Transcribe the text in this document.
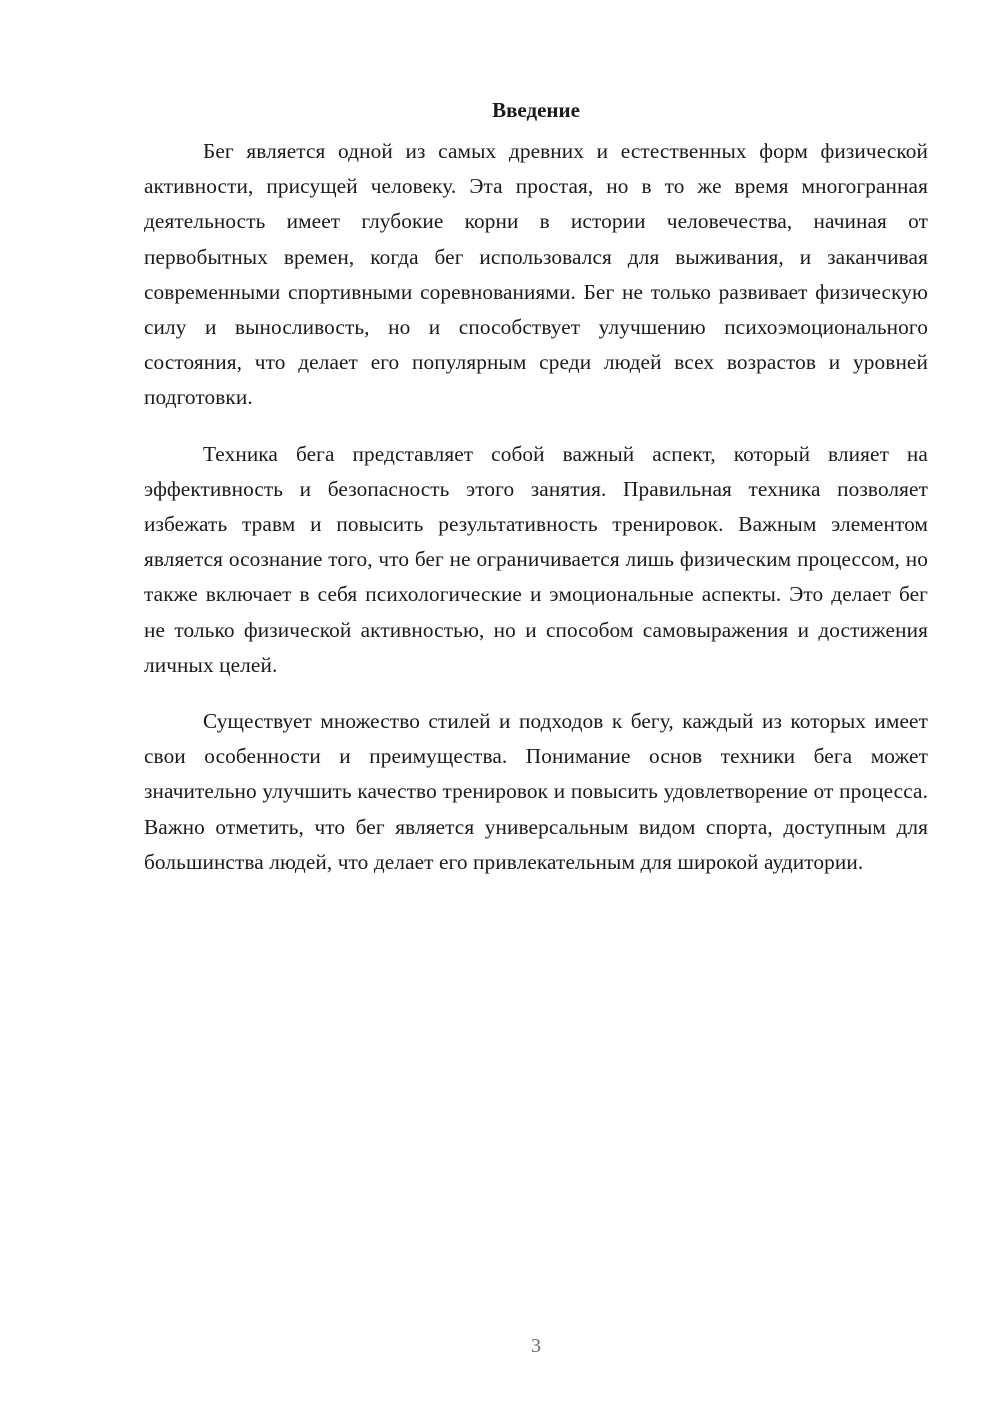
Введение

Бег является одной из самых древних и естественных форм физической активности, присущей человеку. Эта простая, но в то же время многогранная деятельность имеет глубокие корни в истории человечества, начиная от первобытных времен, когда бег использовался для выживания, и заканчивая современными спортивными соревнованиями. Бег не только развивает физическую силу и выносливость, но и способствует улучшению психоэмоционального состояния, что делает его популярным среди людей всех возрастов и уровней подготовки.

Техника бега представляет собой важный аспект, который влияет на эффективность и безопасность этого занятия. Правильная техника позволяет избежать травм и повысить результативность тренировок. Важным элементом является осознание того, что бег не ограничивается лишь физическим процессом, но также включает в себя психологические и эмоциональные аспекты. Это делает бег не только физической активностью, но и способом самовыражения и достижения личных целей.

Существует множество стилей и подходов к бегу, каждый из которых имеет свои особенности и преимущества. Понимание основ техники бега может значительно улучшить качество тренировок и повысить удовлетворение от процесса. Важно отметить, что бег является универсальным видом спорта, доступным для большинства людей, что делает его привлекательным для широкой аудитории.

3
